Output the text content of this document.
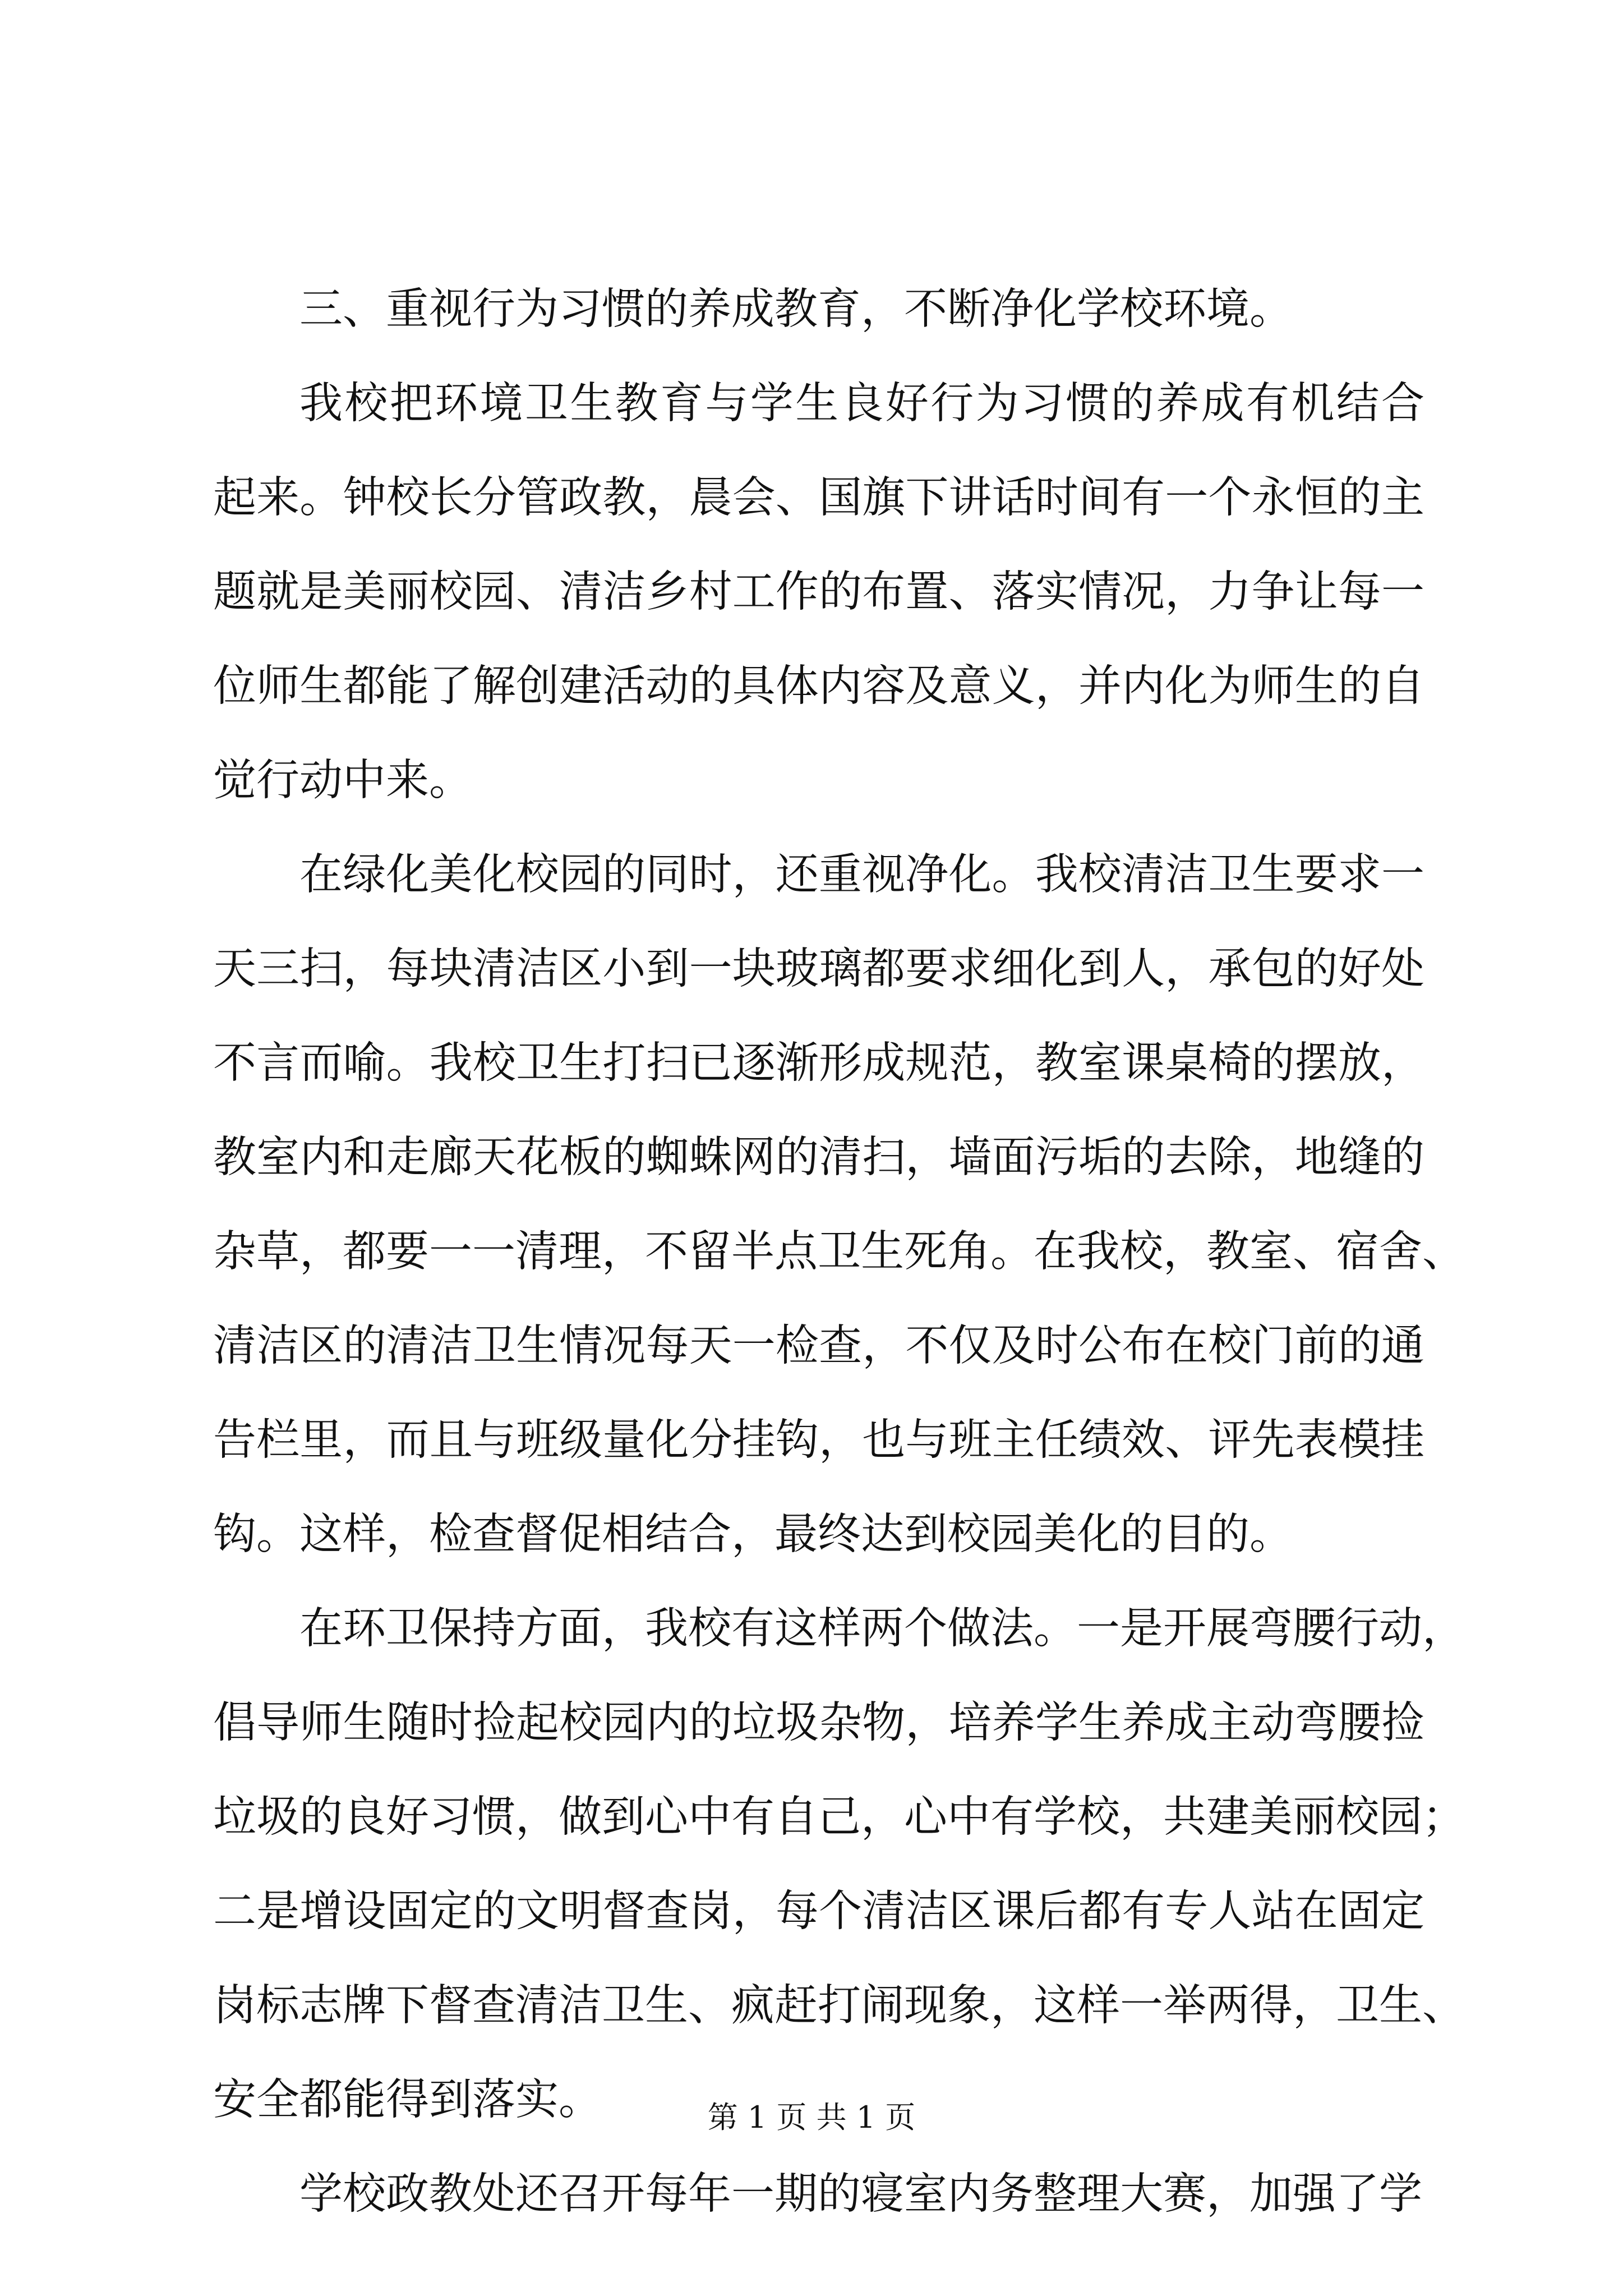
三、重视行为习惯的养成教育，不断净化学校环境。
我校把环境卫生教育与学生良好行为习惯的养成有机结合
起来。钟校长分管政教，晨会、国旗下讲话时间有一个永恒的主
题就是美丽校园、清洁乡村工作的布置、落实情况，力争让每一
位师生都能了解创建活动的具体内容及意义，并内化为师生的自
觉行动中来。
在绿化美化校园的同时，还重视净化。我校清洁卫生要求一
天三扫，每块清洁区小到一块玻璃都要求细化到人，承包的好处
不言而喻。我校卫生打扫已逐渐形成规范，教室课桌椅的摆放，
教室内和走廊天花板的蜘蛛网的清扫，墙面污垢的去除，地缝的
杂草，都要一一清理，不留半点卫生死角。在我校，教室、宿舍、
清洁区的清洁卫生情况每天一检查，不仅及时公布在校门前的通
告栏里，而且与班级量化分挂钩，也与班主任绩效、评先表模挂
钩。这样，检查督促相结合，最终达到校园美化的目的。
在环卫保持方面，我校有这样两个做法。一是开展弯腰行动，
倡导师生随时捡起校园内的垃圾杂物，培养学生养成主动弯腰捡
垃圾的良好习惯，做到心中有自己，心中有学校，共建美丽校园；
二是增设固定的文明督查岗，每个清洁区课后都有专人站在固定
岗标志牌下督查清洁卫生、疯赶打闹现象，这样一举两得，卫生、
安全都能得到落实。
学校政教处还召开每年一期的寝室内务整理大赛，加强了学
第 1 页 共 1 页
